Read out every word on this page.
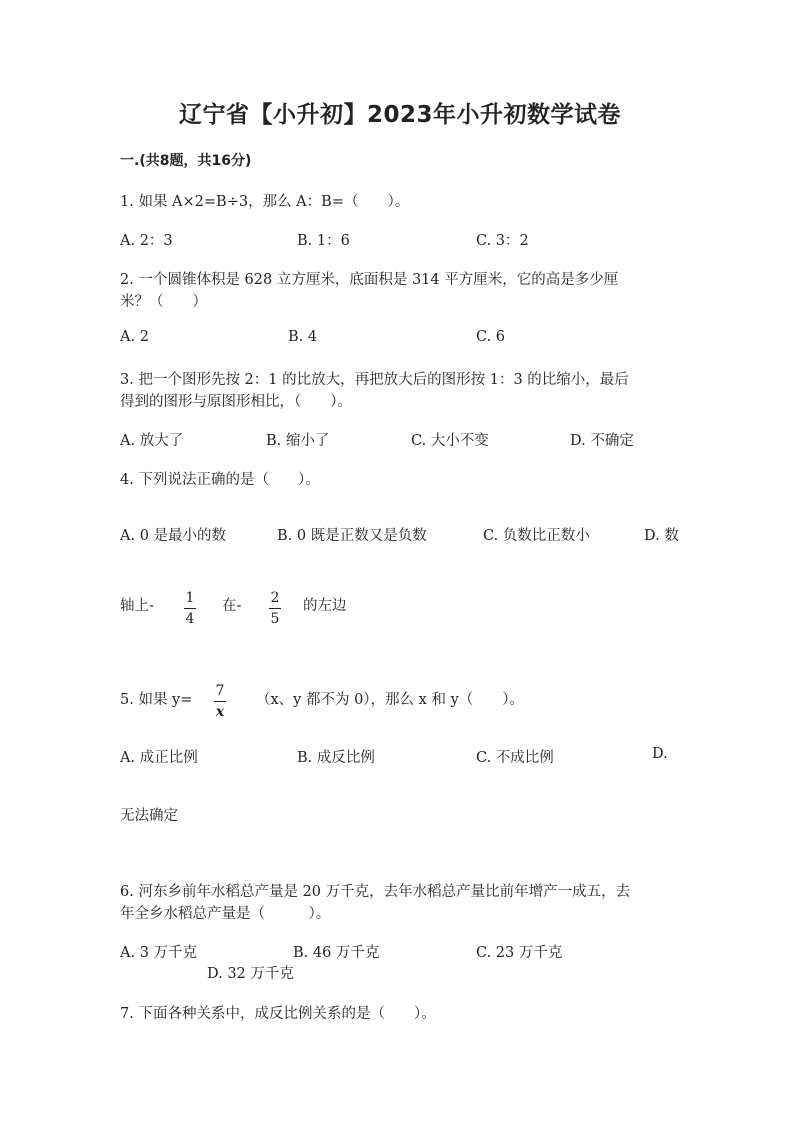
辽宁省【小升初】2023年小升初数学试卷
一.(共8题，共16分)
1. 如果 A×2=B÷3，那么 A：B=（　　）。
A. 2：3	B. 1：6	C. 3：2
2. 一个圆锥体积是 628 立方厘米，底面积是 314 平方厘米，它的高是多少厘
米？（　　）
A. 2	B. 4	C. 6
3. 把一个图形先按 2：1 的比放大，再把放大后的图形按 1：3 的比缩小，最后
得到的图形与原图形相比，（　　）。
A. 放大了	B. 缩小了	C. 大小不变	D. 不确定
4. 下列说法正确的是（　　）。
A. 0 是最小的数	B. 0 既是正数又是负数	C. 负数比正数小	D. 数
轴上- 1
4
在- 2
5
的左边
5. 如果 y=
7
x
（x、y 都不为 0），那么 x 和 y（　　）。
A. 成正比例	B. 成反比例	C. 不成比例	D.
无法确定
6. 河东乡前年水稻总产量是 20 万千克，去年水稻总产量比前年增产一成五，去
年全乡水稻总产量是（　　　）。
A. 3 万千克	B. 46 万千克	C. 23 万千克
D. 32 万千克
7. 下面各种关系中，成反比例关系的是（　　）。
